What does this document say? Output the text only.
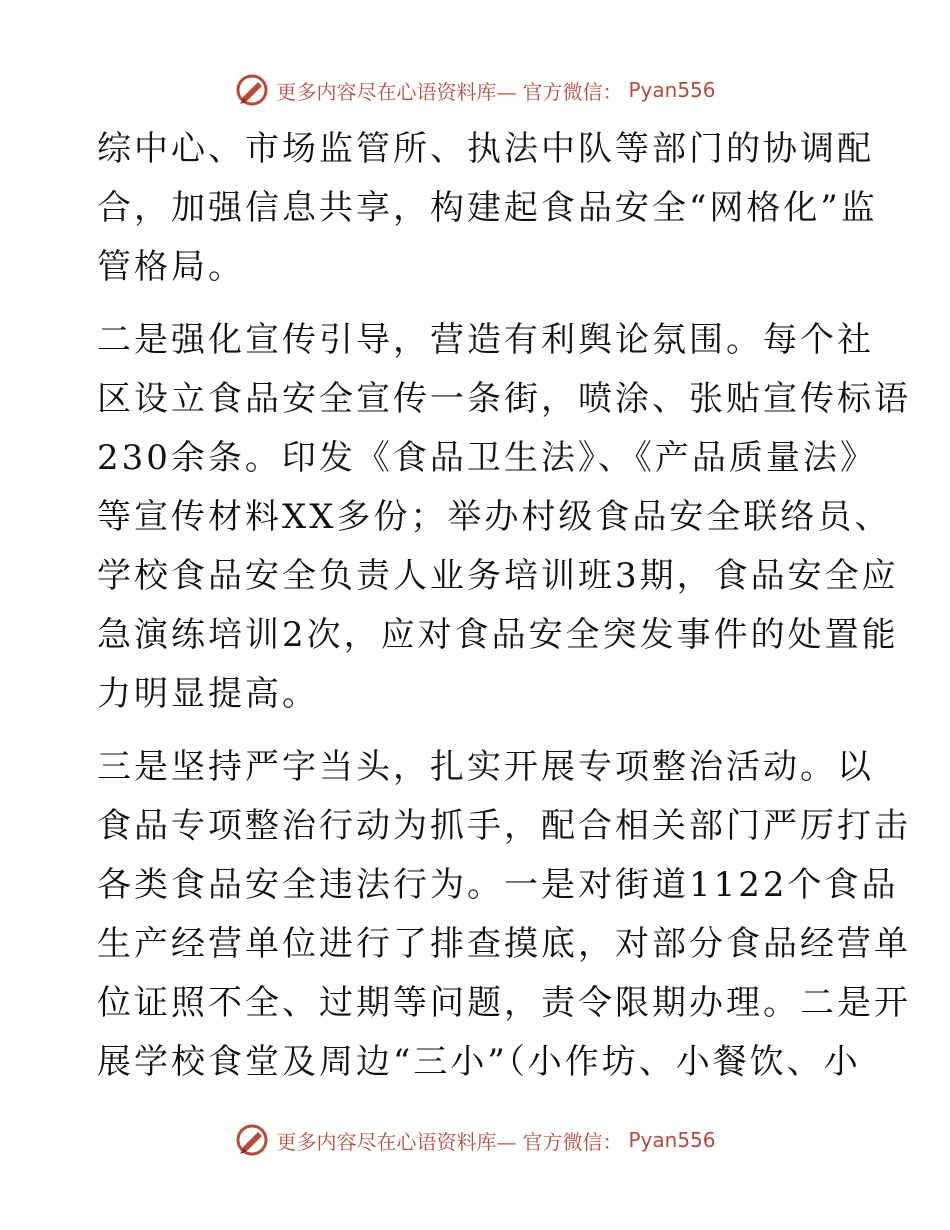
更多内容尽在心语资料库— 官方微信： Pyan556
综中心、市场监管所、执法中队等部门的协调配
合，加强信息共享，构建起食品安全“网格化”监
管格局。
二是强化宣传引导，营造有利舆论氛围。每个社
区设立食品安全宣传一条街，喷涂、张贴宣传标语
230余条。印发《食品卫生法》、《产品质量法》
等宣传材料XX多份；举办村级食品安全联络员、
学校食品安全负责人业务培训班3期，食品安全应
急演练培训2次，应对食品安全突发事件的处置能
力明显提高。
三是坚持严字当头，扎实开展专项整治活动。以
食品专项整治行动为抓手，配合相关部门严厉打击
各类食品安全违法行为。一是对街道1122个食品
生产经营单位进行了排查摸底，对部分食品经营单
位证照不全、过期等问题，责令限期办理。二是开
展学校食堂及周边“三小”（小作坊、小餐饮、小
更多内容尽在心语资料库— 官方微信： Pyan556
